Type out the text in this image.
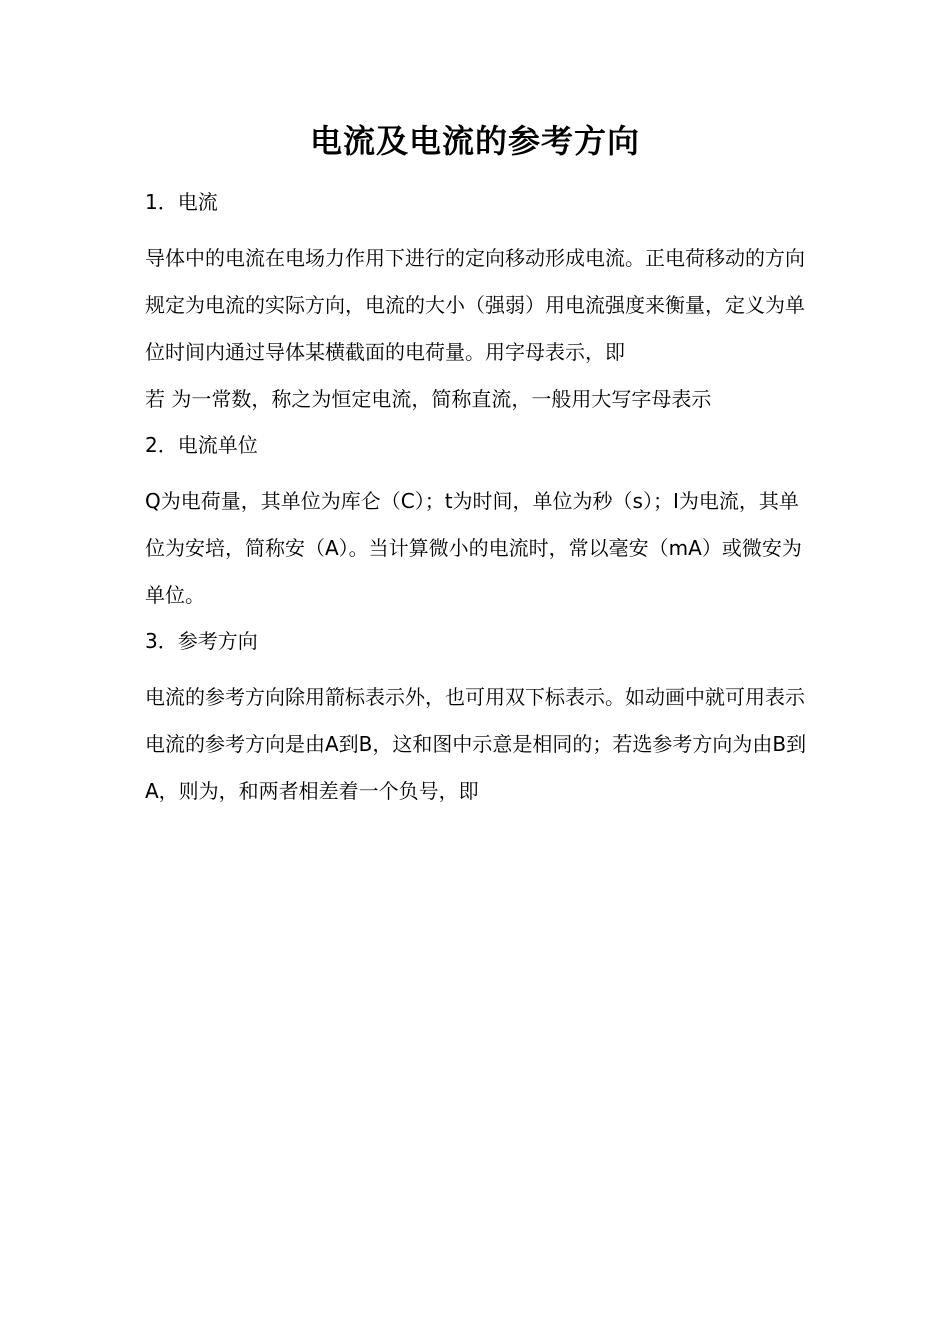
电流及电流的参考方向

1．电流

导体中的电流在电场力作用下进行的定向移动形成电流。正电荷移动的方向规定为电流的实际方向，电流的大小（强弱）用电流强度来衡量，定义为单位时间内通过导体某横截面的电荷量。用字母表示，即

若 为一常数，称之为恒定电流，简称直流，一般用大写字母表示

2．电流单位

Q为电荷量，其单位为库仑（C）；t为时间，单位为秒（s）；I为电流，其单位为安培，简称安（A）。当计算微小的电流时，常以毫安（mA）或微安为单位。

3．参考方向

电流的参考方向除用箭标表示外，也可用双下标表示。如动画中就可用表示电流的参考方向是由A到B，这和图中示意是相同的；若选参考方向为由B到A，则为，和两者相差着一个负号，即
